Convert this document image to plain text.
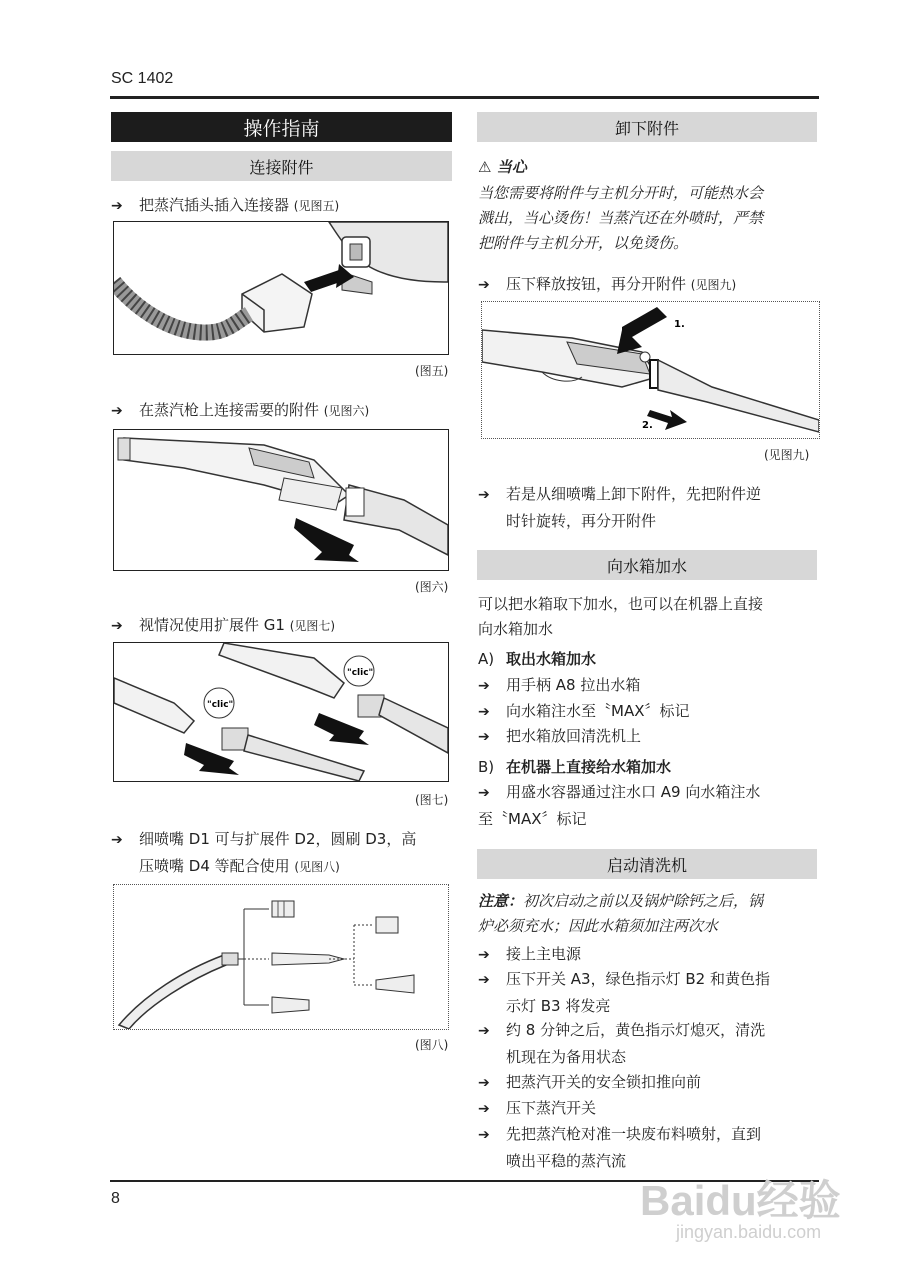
SC 1402
操作指南
连接附件
➔ 把蒸汽插头插入连接器 (见图五)
(图五)
➔ 在蒸汽枪上连接需要的附件 (见图六)
(图六)
➔ 视情况使用扩展件 G1 (见图七)
"clic"
"clic"
(图七)
➔ 细喷嘴 D1 可与扩展件 D2，圆刷 D3，高
压喷嘴 D4 等配合使用 (见图八)
(图八)
卸下附件
⚠ 当心
当您需要将附件与主机分开时，可能热水会
溅出，当心烫伤！当蒸汽还在外喷时，严禁
把附件与主机分开，以免烫伤。
➔ 压下释放按钮，再分开附件 (见图九)
1.
2.
(见图九)
➔ 若是从细喷嘴上卸下附件，先把附件逆
时针旋转，再分开附件
向水箱加水
可以把水箱取下加水，也可以在机器上直接
向水箱加水
A) 取出水箱加水
➔ 用手柄 A8 拉出水箱
➔ 向水箱注水至〝MAX〞标记
➔ 把水箱放回清洗机上
B) 在机器上直接给水箱加水
➔ 用盛水容器通过注水口 A9 向水箱注水
至〝MAX〞标记
启动清洗机
注意：初次启动之前以及锅炉除钙之后，锅
炉必须充水；因此水箱须加注两次水
➔ 接上主电源
➔ 压下开关 A3，绿色指示灯 B2 和黄色指
示灯 B3 将发亮
➔ 约 8 分钟之后，黄色指示灯熄灭，清洗
机现在为备用状态
➔ 把蒸汽开关的安全锁扣推向前
➔ 压下蒸汽开关
➔ 先把蒸汽枪对准一块废布料喷射，直到
喷出平稳的蒸汽流
8	Baidu经验
jingyan.baidu.com
